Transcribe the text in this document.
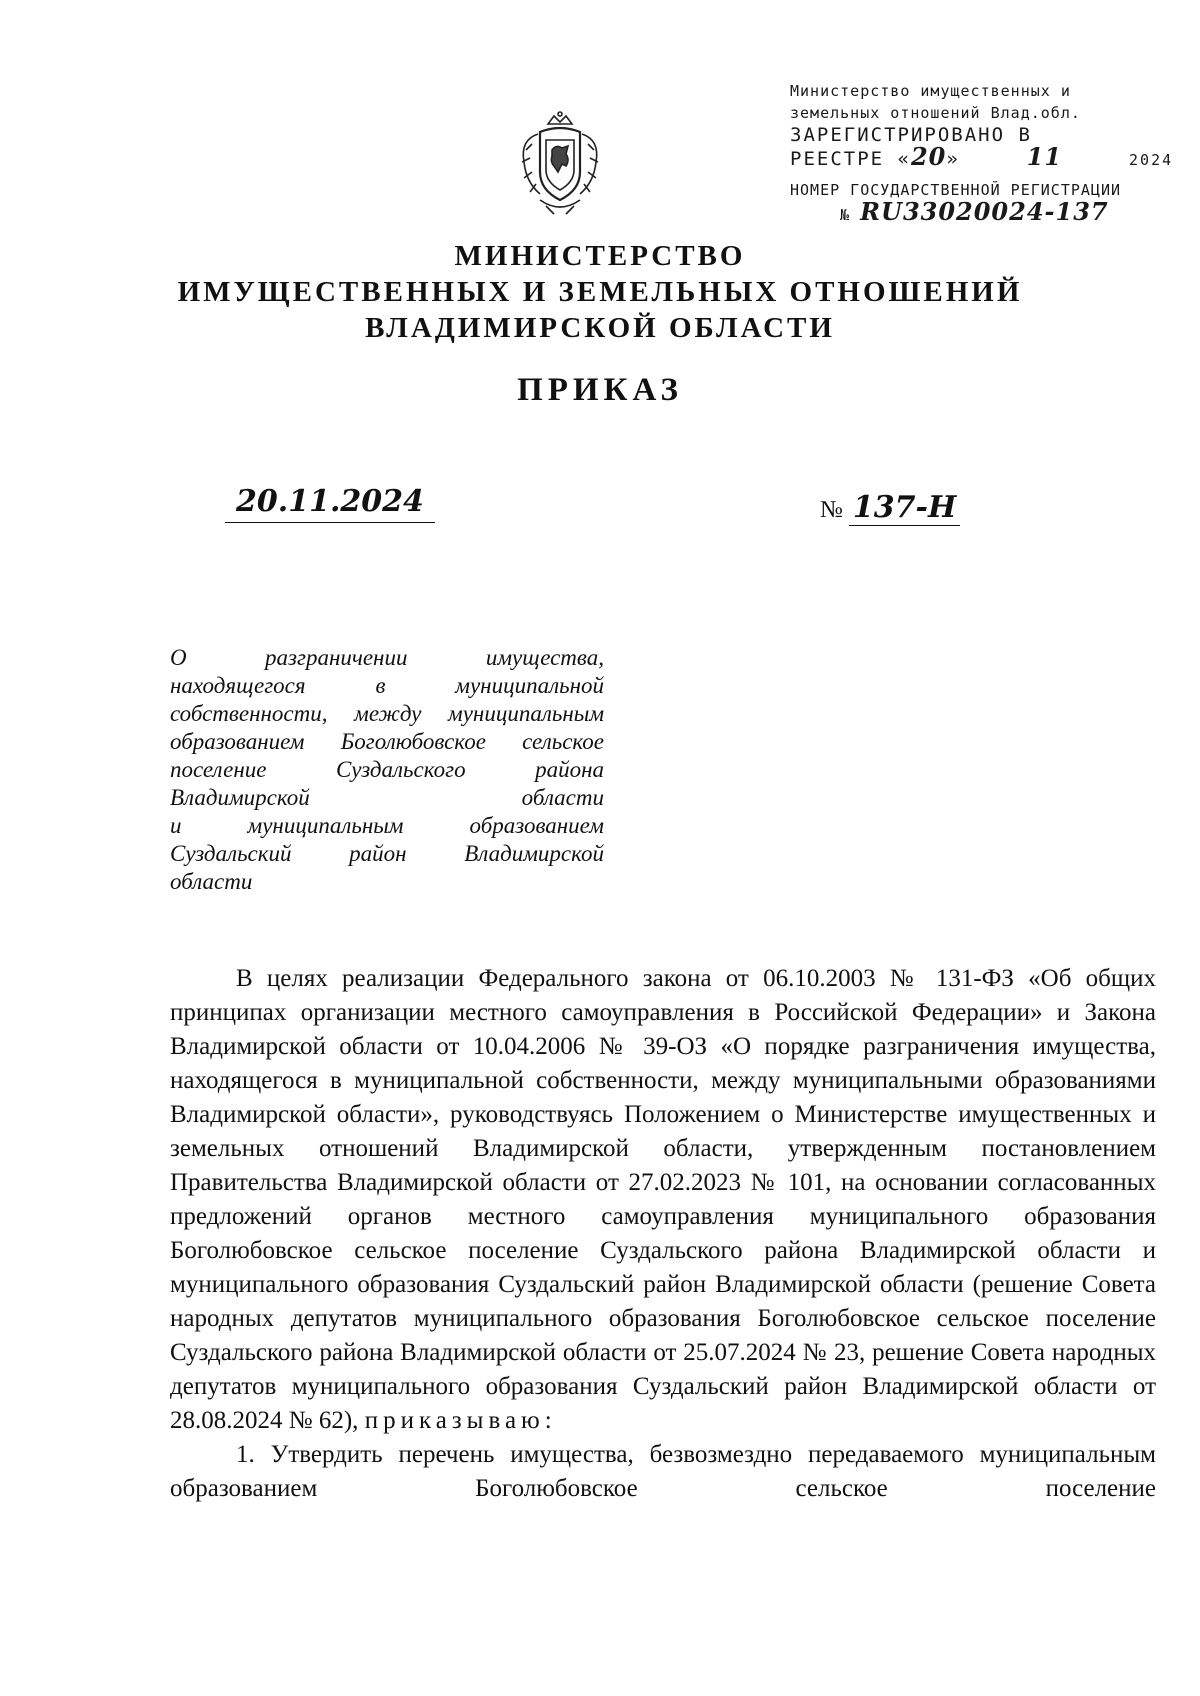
Министерство имущественных и
земельных отношений Влад.обл.
ЗАРЕГИСТРИРОВАНО В
РЕЕСТРЕ «20»	11	2024
НОМЕР ГОСУДАРСТВЕННОЙ РЕГИСТРАЦИИ
№ RU33020024-137
МИНИСТЕРСТВО
ИМУЩЕСТВЕННЫХ И ЗЕМЕЛЬНЫХ ОТНОШЕНИЙ
ВЛАДИМИРСКОЙ ОБЛАСТИ
ПРИКАЗ
20.11.2024	№ 137-Н
О разграничении имущества,
находящегося в муниципальной
собственности, между муниципальным
образованием Боголюбовское сельское
поселение Суздальского района
Владимирской области
и муниципальным образованием
Суздальский район Владимирской
области

В целях реализации Федерального закона от 06.10.2003 № 131-ФЗ «Об общих принципах организации местного самоуправления в Российской Федерации» и Закона Владимирской области от 10.04.2006 № 39-ОЗ «О порядке разграничения имущества, находящегося в муниципальной собственности, между муниципальными образованиями Владимирской области», руководствуясь Положением о Министерстве имущественных и земельных отношений Владимирской области, утвержденным постановлением Правительства Владимирской области от 27.02.2023 № 101, на основании согласованных предложений органов местного самоуправления муниципального образования Боголюбовское сельское поселение Суздальского района Владимирской области и муниципального образования Суздальский район Владимирской области (решение Совета народных депутатов муниципального образования Боголюбовское сельское поселение Суздальского района Владимирской области от 25.07.2024 № 23, решение Совета народных депутатов муниципального образования Суздальский район Владимирской области от 28.08.2024 № 62), приказываю:

1. Утвердить перечень имущества, безвозмездно передаваемого муниципальным образованием Боголюбовское сельское поселение
